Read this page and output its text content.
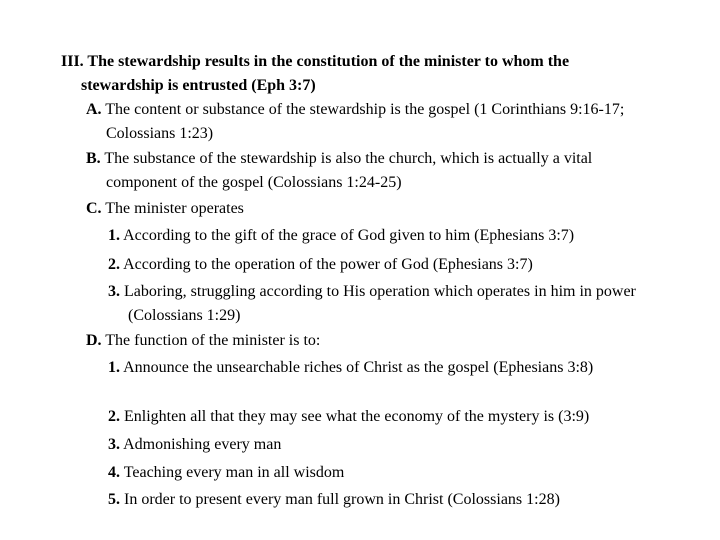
III. The stewardship results in the constitution of the minister to whom the stewardship is entrusted (Eph 3:7)
A. The content or substance of the stewardship is the gospel (1 Corinthians 9:16-17; Colossians 1:23)
B. The substance of the stewardship is also the church, which is actually a vital component of the gospel (Colossians 1:24-25)
C. The minister operates
1. According to the gift of the grace of God given to him (Ephesians 3:7)
2. According to the operation of the power of God (Ephesians 3:7)
3. Laboring, struggling according to His operation which operates in him in power (Colossians 1:29)
D. The function of the minister is to:
1. Announce the unsearchable riches of Christ as the gospel (Ephesians 3:8)
2. Enlighten all that they may see what the economy of the mystery is (3:9)
3. Admonishing every man
4. Teaching every man in all wisdom
5. In order to present every man full grown in Christ (Colossians 1:28)
